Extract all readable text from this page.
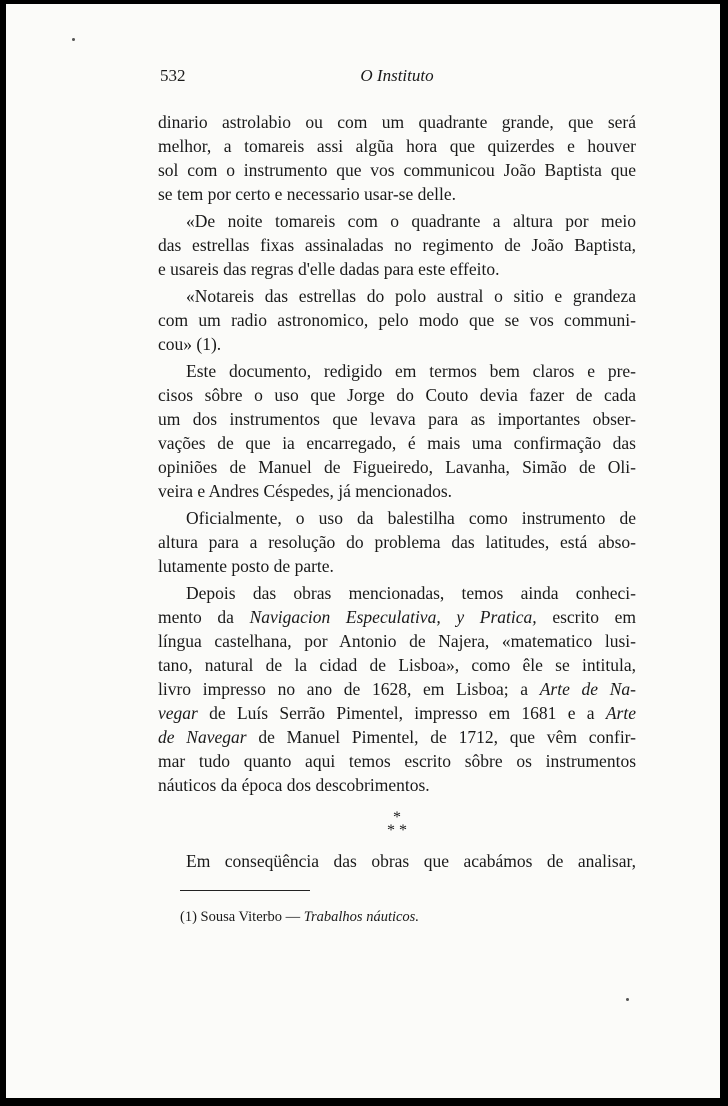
532	O Instituto
dinario astrolabio ou com um quadrante grande, que será
melhor, a tomareis assi algũa hora que quizerdes e houver
sol com o instrumento que vos communicou João Baptista que
se tem por certo e necessario usar-se delle.
«De noite tomareis com o quadrante a altura por meio
das estrellas fixas assinaladas no regimento de João Baptista,
e usareis das regras d'elle dadas para este effeito.
«Notareis das estrellas do polo austral o sitio e grandeza
com um radio astronomico, pelo modo que se vos communi-
cou» (1).
Este documento, redigido em termos bem claros e pre-
cisos sôbre o uso que Jorge do Couto devia fazer de cada
um dos instrumentos que levava para as importantes obser-
vações de que ia encarregado, é mais uma confirmação das
opiniões de Manuel de Figueiredo, Lavanha, Simão de Oli-
veira e Andres Céspedes, já mencionados.
Oficialmente, o uso da balestilha como instrumento de
altura para a resolução do problema das latitudes, está abso-
lutamente posto de parte.
Depois das obras mencionadas, temos ainda conheci-
mento da Navigacion Especulativa, y Pratica, escrito em
língua castelhana, por Antonio de Najera, «matematico lusi-
tano, natural de la cidad de Lisboa», como êle se intitula,
livro impresso no ano de 1628, em Lisboa; a Arte de Na-
vegar de Luís Serrão Pimentel, impresso em 1681 e a Arte
de Navegar de Manuel Pimentel, de 1712, que vêm confir-
mar tudo quanto aqui temos escrito sôbre os instrumentos
náuticos da época dos descobrimentos.
*
* *
Em conseqüência das obras que acabámos de analisar,
(1) Sousa Viterbo — Trabalhos náuticos.
